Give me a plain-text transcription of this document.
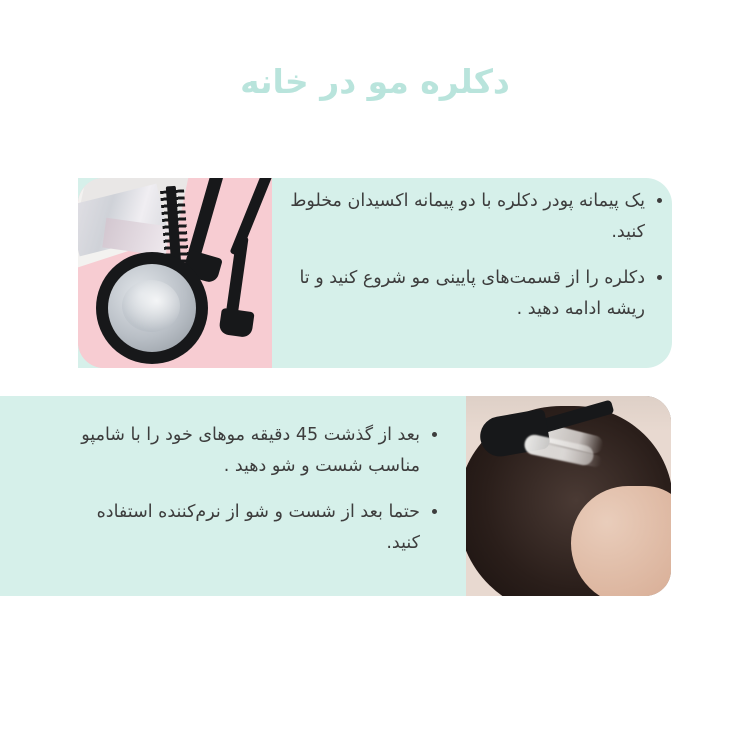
دکلره مو در خانه
یک پیمانه پودر دکلره با دو پیمانه اکسیدان مخلوط کنید.
دکلره را از قسمت‌های پایینی مو شروع کنید و تا ریشه ادامه دهید .
بعد از گذشت 45 دقیقه موهای خود را با شامپو مناسب شست و شو دهید .
حتما بعد از شست و شو از نرم‌کننده استفاده کنید.
